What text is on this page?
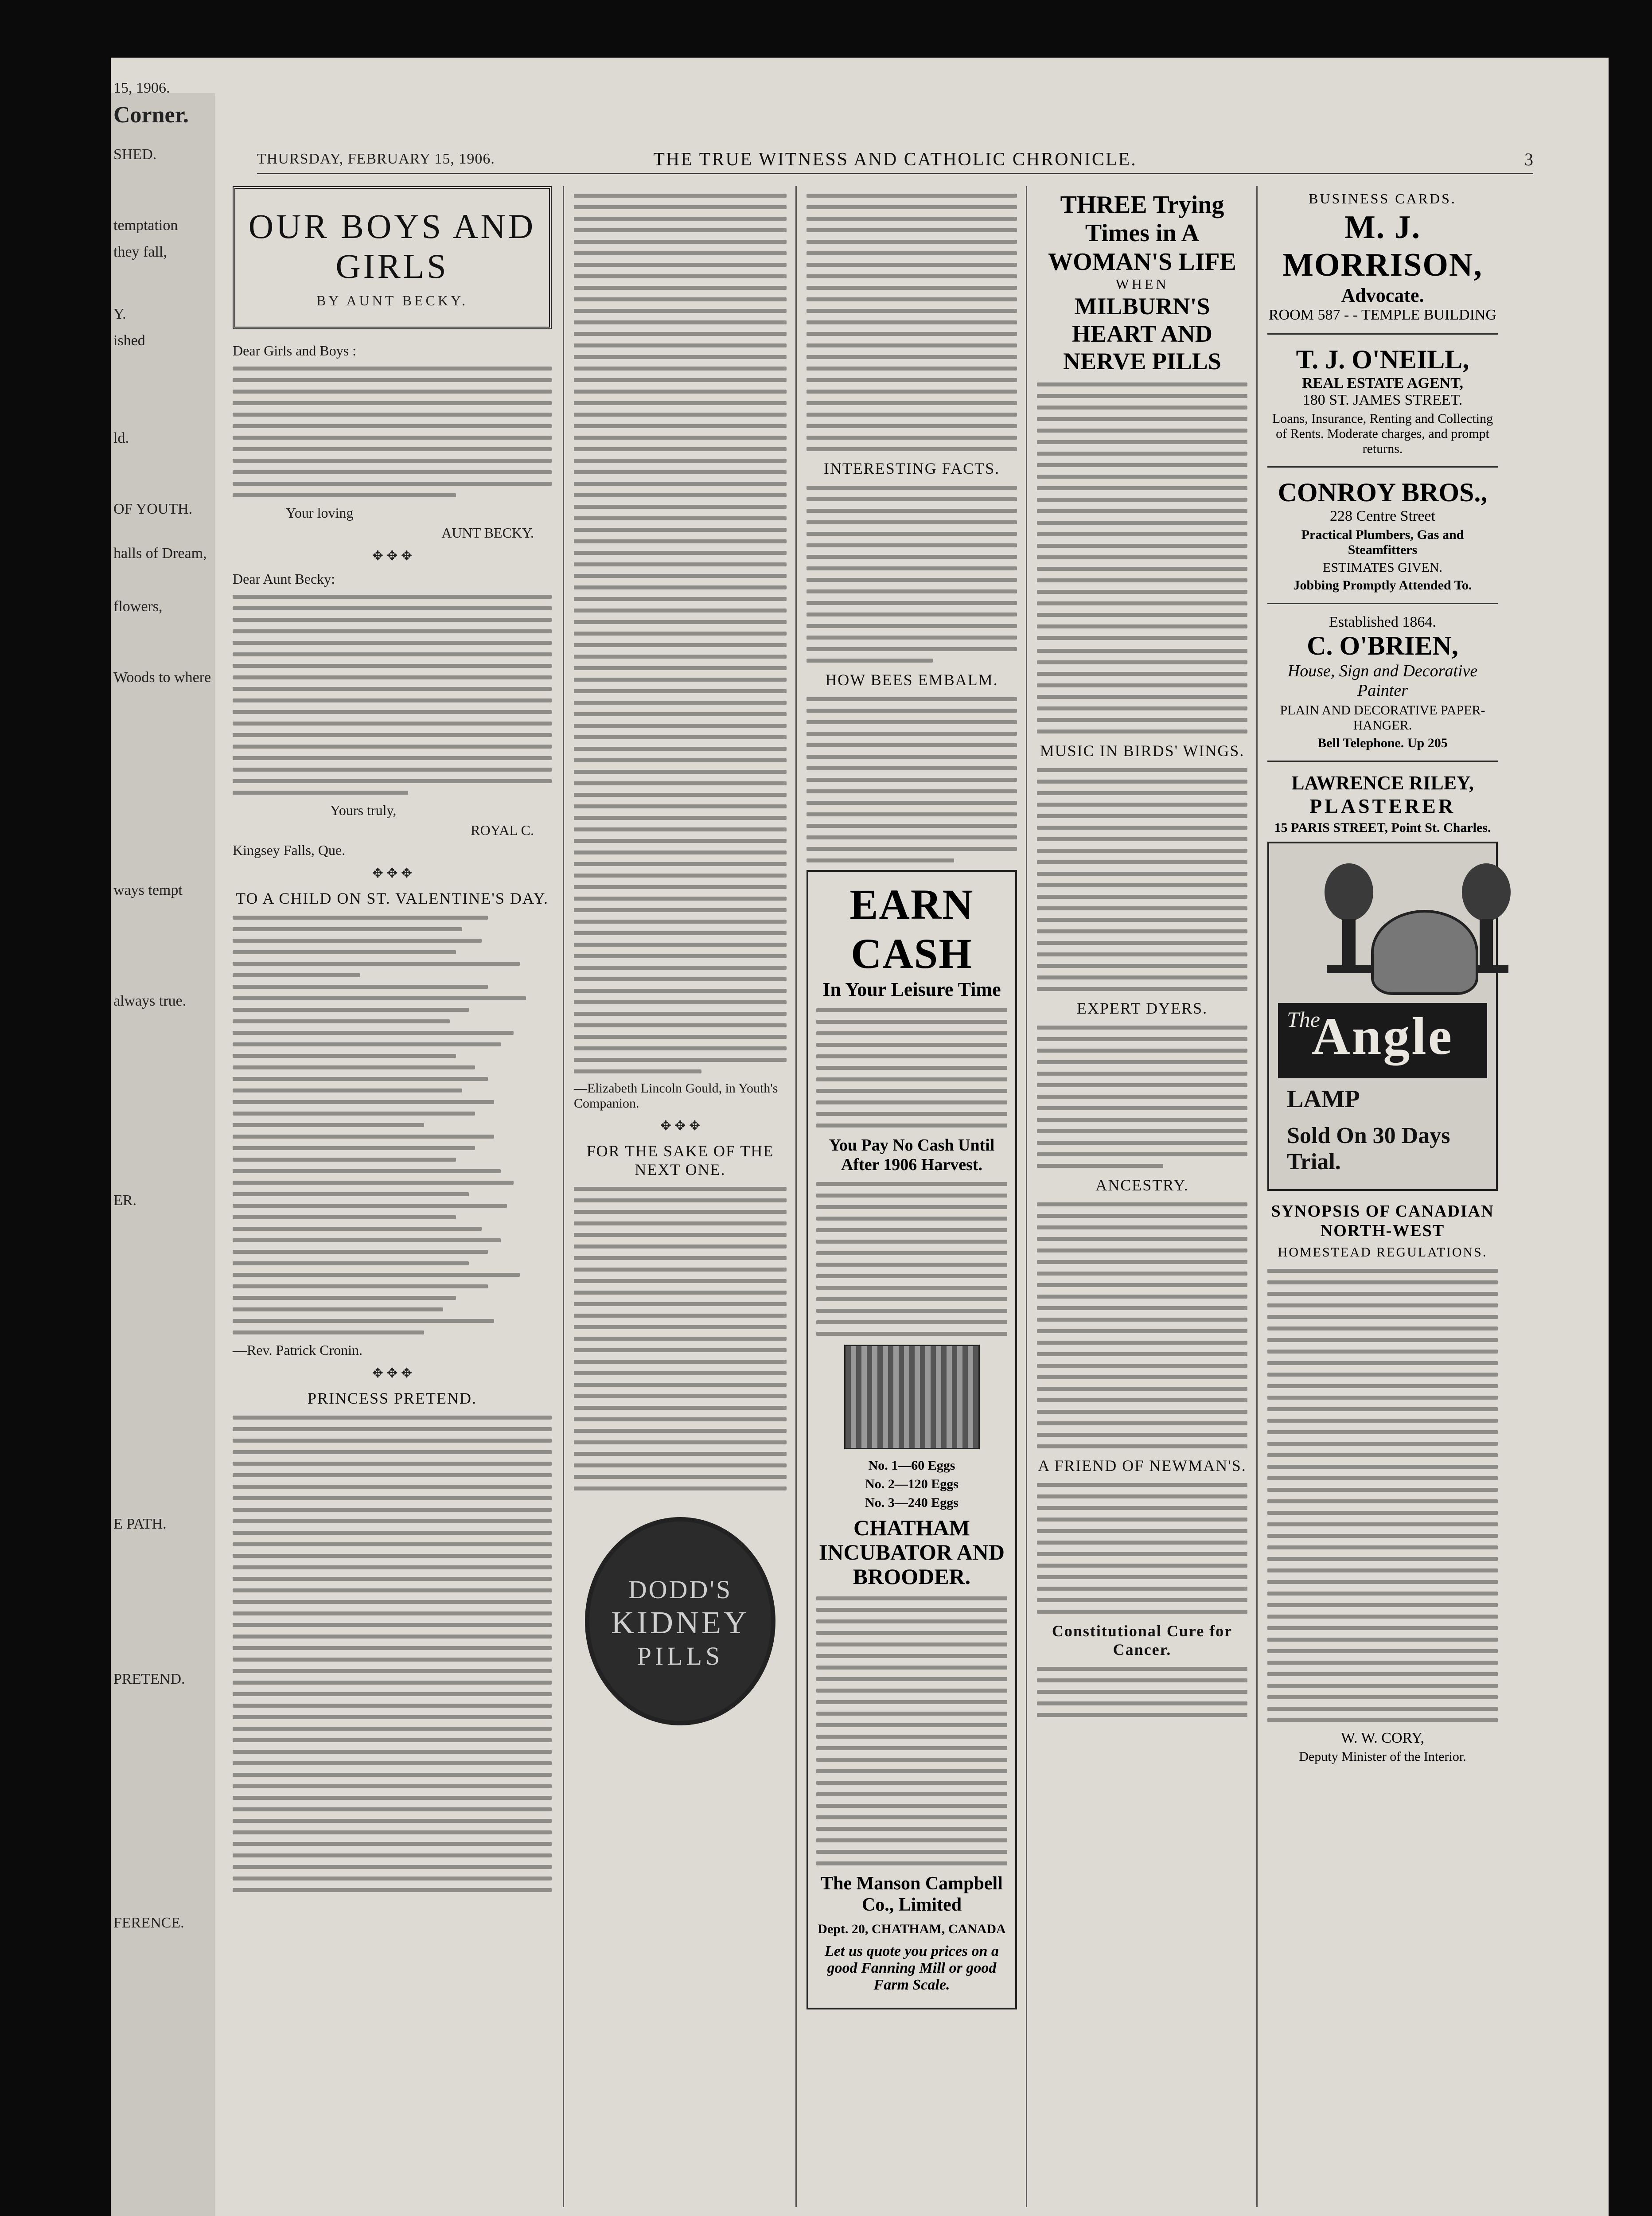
15, 1906.
Corner.
SHED.
temptation
they fall,
Y.
ished
ld.
OF YOUTH.
halls of Dream,
flowers,
Woods to where
ways tempt
always true.
ER.
E PATH.
PRETEND.
FERENCE.
THURSDAY, FEBRUARY 15, 1906.	THE TRUE WITNESS AND CATHOLIC CHRONICLE.	3
OUR BOYS AND GIRLS
BY AUNT BECKY.
Dear Girls and Boys :
Your loving
AUNT BECKY.
✥ ✥ ✥
Dear Aunt Becky:
Yours truly,
ROYAL C.
Kingsey Falls, Que.
✥ ✥ ✥
TO A CHILD ON ST. VALENTINE'S DAY.
—Rev. Patrick Cronin.
✥ ✥ ✥
PRINCESS PRETEND.
—Elizabeth Lincoln Gould, in Youth's Companion.
✥ ✥ ✥
FOR THE SAKE OF THE NEXT ONE.
DODD'S
KIDNEY
PILLS
INTERESTING FACTS.
HOW BEES EMBALM.
EARN CASH
In Your Leisure Time
You Pay No Cash Until After 1906 Harvest.
No. 1—60 Eggs
No. 2—120 Eggs
No. 3—240 Eggs
CHATHAM INCUBATOR AND BROODER.
The Manson Campbell Co., Limited
Dept. 20, CHATHAM, CANADA
Let us quote you prices on a good Fanning Mill or good Farm Scale.
THREE Trying Times in A WOMAN'S LIFE
WHEN
MILBURN'S HEART AND NERVE PILLS
MUSIC IN BIRDS' WINGS.
EXPERT DYERS.
ANCESTRY.
A FRIEND OF NEWMAN'S.
Constitutional Cure for Cancer.
BUSINESS CARDS.
M. J. MORRISON,
Advocate.
ROOM 587 - - TEMPLE BUILDING
T. J. O'NEILL,
REAL ESTATE AGENT,
180 ST. JAMES STREET.
Loans, Insurance, Renting and Collecting of Rents. Moderate charges, and prompt returns.
CONROY BROS.,
228 Centre Street
Practical Plumbers, Gas and Steamfitters
ESTIMATES GIVEN.
Jobbing Promptly Attended To.
Established 1864.
C. O'BRIEN,
House, Sign and Decorative Painter
PLAIN AND DECORATIVE PAPER-HANGER.
Bell Telephone. Up 205
LAWRENCE RILEY,
PLASTERER
15 PARIS STREET, Point St. Charles.
The
Angle
LAMP
Sold On 30 Days Trial.
SYNOPSIS OF CANADIAN NORTH-WEST
HOMESTEAD REGULATIONS.
W. W. CORY,
Deputy Minister of the Interior.
